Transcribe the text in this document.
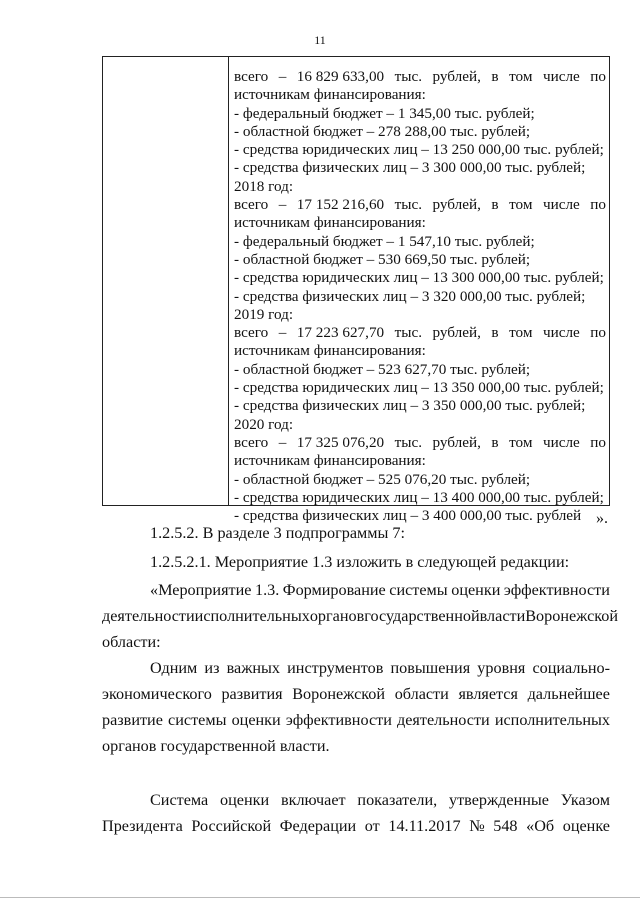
11
всего – 16 829 633,00 тыс. рублей, в том числе по
источникам финансирования:
- федеральный бюджет – 1 345,00 тыс. рублей;
- областной бюджет – 278 288,00 тыс. рублей;
- средства юридических лиц – 13 250 000,00 тыс. рублей;
- средства физических лиц – 3 300 000,00 тыс. рублей;
2018 год:
всего – 17 152 216,60 тыс. рублей, в том числе по
источникам финансирования:
- федеральный бюджет – 1 547,10 тыс. рублей;
- областной бюджет – 530 669,50 тыс. рублей;
- средства юридических лиц – 13 300 000,00 тыс. рублей;
- средства физических лиц – 3 320 000,00 тыс. рублей;
2019 год:
всего – 17 223 627,70 тыс. рублей, в том числе по
источникам финансирования:
- областной бюджет – 523 627,70 тыс. рублей;
- средства юридических лиц – 13 350 000,00 тыс. рублей;
- средства физических лиц – 3 350 000,00 тыс. рублей;
2020 год:
всего – 17 325 076,20 тыс. рублей, в том числе по
источникам финансирования:
- областной бюджет – 525 076,20 тыс. рублей;
- средства юридических лиц – 13 400 000,00 тыс. рублей;
- средства физических лиц – 3 400 000,00 тыс. рублей ».
1.2.5.2. В разделе 3 подпрограммы 7:
1.2.5.2.1. Мероприятие 1.3 изложить в следующей редакции:
«Мероприятие 1.3. Формирование системы оценки эффективности
деятельности исполнительных органов государственной власти Воронежской
области:
Одним из важных инструментов повышения уровня социально-
экономического развития Воронежской области является дальнейшее
развитие системы оценки эффективности деятельности исполнительных
органов государственной власти.
Система оценки включает показатели, утвержденные Указом
Президента Российской Федерации от 14.11.2017 № 548 «Об оценке
